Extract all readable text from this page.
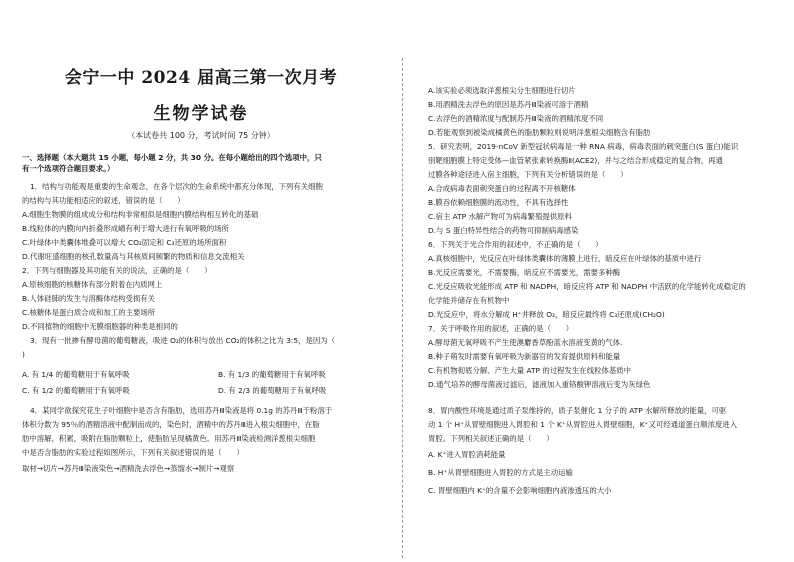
会宁一中 2024 届高三第一次月考
生物学试卷
（本试卷共 100 分，考试时间 75 分钟）
一、选择题（本大题共 15 小题，每小题 2 分，共 30 分。在每小题给出的四个选项中，只
有一个选项符合题目要求。）
1．结构与功能观是重要的生命观念，在各个层次的生命系统中都充分体现，下列有关细胞
的结构与其功能相适应的叙述，错误的是（　　）
A.细胞生物膜的组成成分和结构非常相似是细胞内膜结构相互转化的基础
B.线粒体的内膜向内折叠形成嵴有利于增大进行有氧呼吸的场所
C.叶绿体中类囊体堆叠可以增大 CO₂固定和 C₃还原的场所面积
D.代谢旺盛细胞的核孔数量高与其核质间频繁的物质和信息交流相关
2．下列与细胞器及其功能有关的说法，正确的是（　　）
A.原核细胞的核糖体有部分附着在内质网上
B.人体硅肺的发生与溶酶体结构受损有关
C.核糖体是蛋白质合成和加工的主要场所
D.不同植物的细胞中无膜细胞器的种类是相同的
3．现有一批掺有酵母菌的葡萄糖液，吸进 O₂的体积与放出 CO₂的体积之比为 3:5，是因为（
)
A. 有 1/4 的葡萄糖用于有氧呼吸	B. 有 1/3 的葡萄糖用于有氧呼吸
C. 有 1/2 的葡萄糖用于有氧呼吸	D. 有 2/3 的葡萄糖用于有氧呼吸
4．某同学欲探究花生子叶细胞中是否含有脂肪，选用苏丹Ⅲ染液是将 0.1g 的苏丹Ⅲ干粉溶于
体积分数为 95％的酒精溶液中配制而成的，染色时，酒精中的苏丹Ⅲ进入根尖细胞中，在脂
肪中溶解，积累，吸附在脂肪颗粒上，使脂肪呈现橘黄色。用苏丹Ⅲ染液检测洋葱根尖细胞
中是否含脂肪的实验过程如图所示，下列有关叙述错误的是（　　）
取材→切片→苏丹Ⅲ染液染色→酒精洗去浮色→蒸馏水→制片→观察
A.该实验必须选取洋葱根尖分生细胞进行切片
B.用酒精洗去浮色的原因是苏丹Ⅲ染液可溶于酒精
C.去浮色的酒精浓度与配制苏丹Ⅲ染液的酒精浓度不同
D.若能观察到被染成橘黄色的脂肪颗粒则说明洋葱根尖细胞含有脂肪
5．研究表明，2019-nCoV 新型冠状病毒是一种 RNA 病毒，病毒表面的刺突蛋白(S 蛋白)能识
别靶细胞膜上特定受体—血管紧张素转换酶Ⅱ(ACE2)，并与之结合形成稳定的复合物，再通
过膜各种途径进入宿主细胞，下列有关分析错误的是（　　）
A.合成病毒表面刺突蛋白的过程离不开核糖体
B.膜吞依赖细胞膜的流动性，不具有选择性
C.宿主 ATP 水解产物可为病毒繁殖提供原料
D.与 S 蛋白特异性结合的药物可抑制病毒感染
6．下列关于光合作用的叙述中，不正确的是（　　）
A.真核细胞中，光反应在叶绿体类囊体的薄膜上进行，暗反应在叶绿体的基质中进行
B.光反应需要光，不需要酶，暗反应不需要光，需要多种酶
C.光反应吸收光能形成 ATP 和 NADPH，暗反应将 ATP 和 NADPH 中活跃的化学能转化成稳定的
化学能并储存在有机物中
D.光反应中，将水分解成 H⁺并释放 O₂，暗反应最终将 C₃还原成(CH₂O)
7．关于呼吸作用的叙述，正确的是（　　）
A.酵母菌无氧呼吸不产生使澳麝香草酚蓝水溶液变黄的气体.
B.种子萌发时需要有氧呼吸为新器官的发育提供原料和能量
C.有机物彻底分解、产生大量 ATP 的过程发生在线粒体基质中
D.通气培养的酵母菌液过滤后，滤液加入重铬酸钾溶液后变为灰绿色
8．胃内酸性环境是通过质子泵维持的，质子泵催化 1 分子的 ATP 水解所释放的能量，可驱
动 1 个 H⁺从胃壁细胞进入胃腔和 1 个 K⁺从胃腔进入胃壁细胞，K⁺又可经通道蛋白顺浓度进入
胃腔。下列相关叙述正确的是（　　）
A. K⁺进入胃腔消耗能量
B. H⁺从胃壁细胞进入胃腔的方式是主动运输
C. 胃壁细胞内 K⁺的含量不会影响细胞内液渗透压的大小
